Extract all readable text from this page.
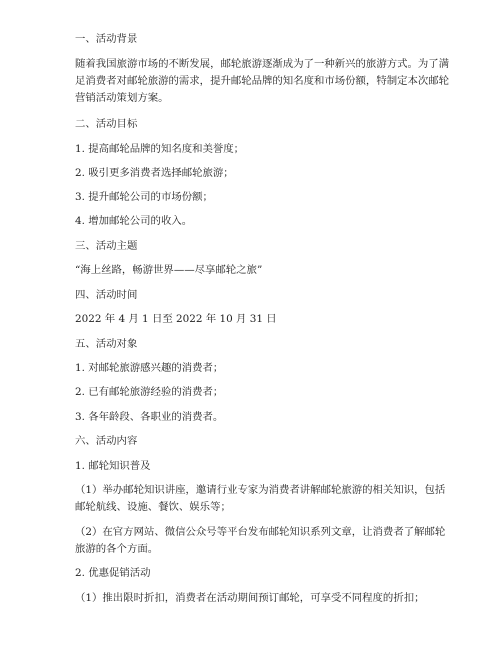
一、活动背景
随着我国旅游市场的不断发展，邮轮旅游逐渐成为了一种新兴的旅游方式。为了满
足消费者对邮轮旅游的需求，提升邮轮品牌的知名度和市场份额，特制定本次邮轮
营销活动策划方案。
二、活动目标
1. 提高邮轮品牌的知名度和美誉度；
2. 吸引更多消费者选择邮轮旅游；
3. 提升邮轮公司的市场份额；
4. 增加邮轮公司的收入。
三、活动主题
“海上丝路，畅游世界——尽享邮轮之旅”
四、活动时间
2022 年 4 月 1 日至 2022 年 10 月 31 日
五、活动对象
1. 对邮轮旅游感兴趣的消费者；
2. 已有邮轮旅游经验的消费者；
3. 各年龄段、各职业的消费者。
六、活动内容
1. 邮轮知识普及
（1）举办邮轮知识讲座，邀请行业专家为消费者讲解邮轮旅游的相关知识，包括
邮轮航线、设施、餐饮、娱乐等；
（2）在官方网站、微信公众号等平台发布邮轮知识系列文章，让消费者了解邮轮
旅游的各个方面。
2. 优惠促销活动
（1）推出限时折扣，消费者在活动期间预订邮轮，可享受不同程度的折扣；
